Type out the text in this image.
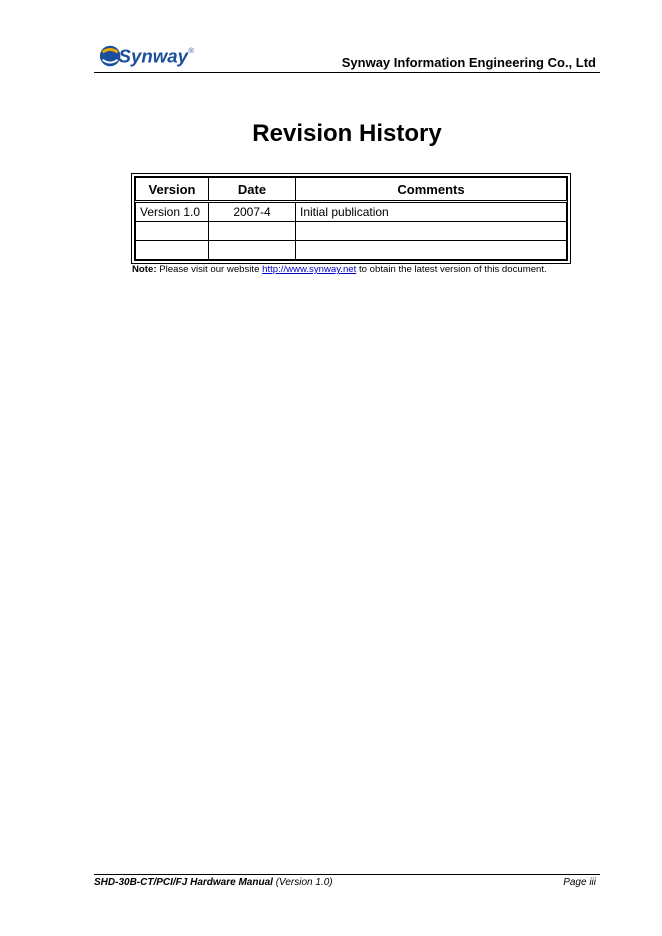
Synway ®
Synway Information Engineering Co., Ltd
Revision History
Version	Date	Comments
Version 1.0	2007-4	Initial publication

Note: Please visit our website http://www.synway.net to obtain the latest version of this document.
SHD-30B-CT/PCI/FJ Hardware Manual (Version 1.0)	Page iii
